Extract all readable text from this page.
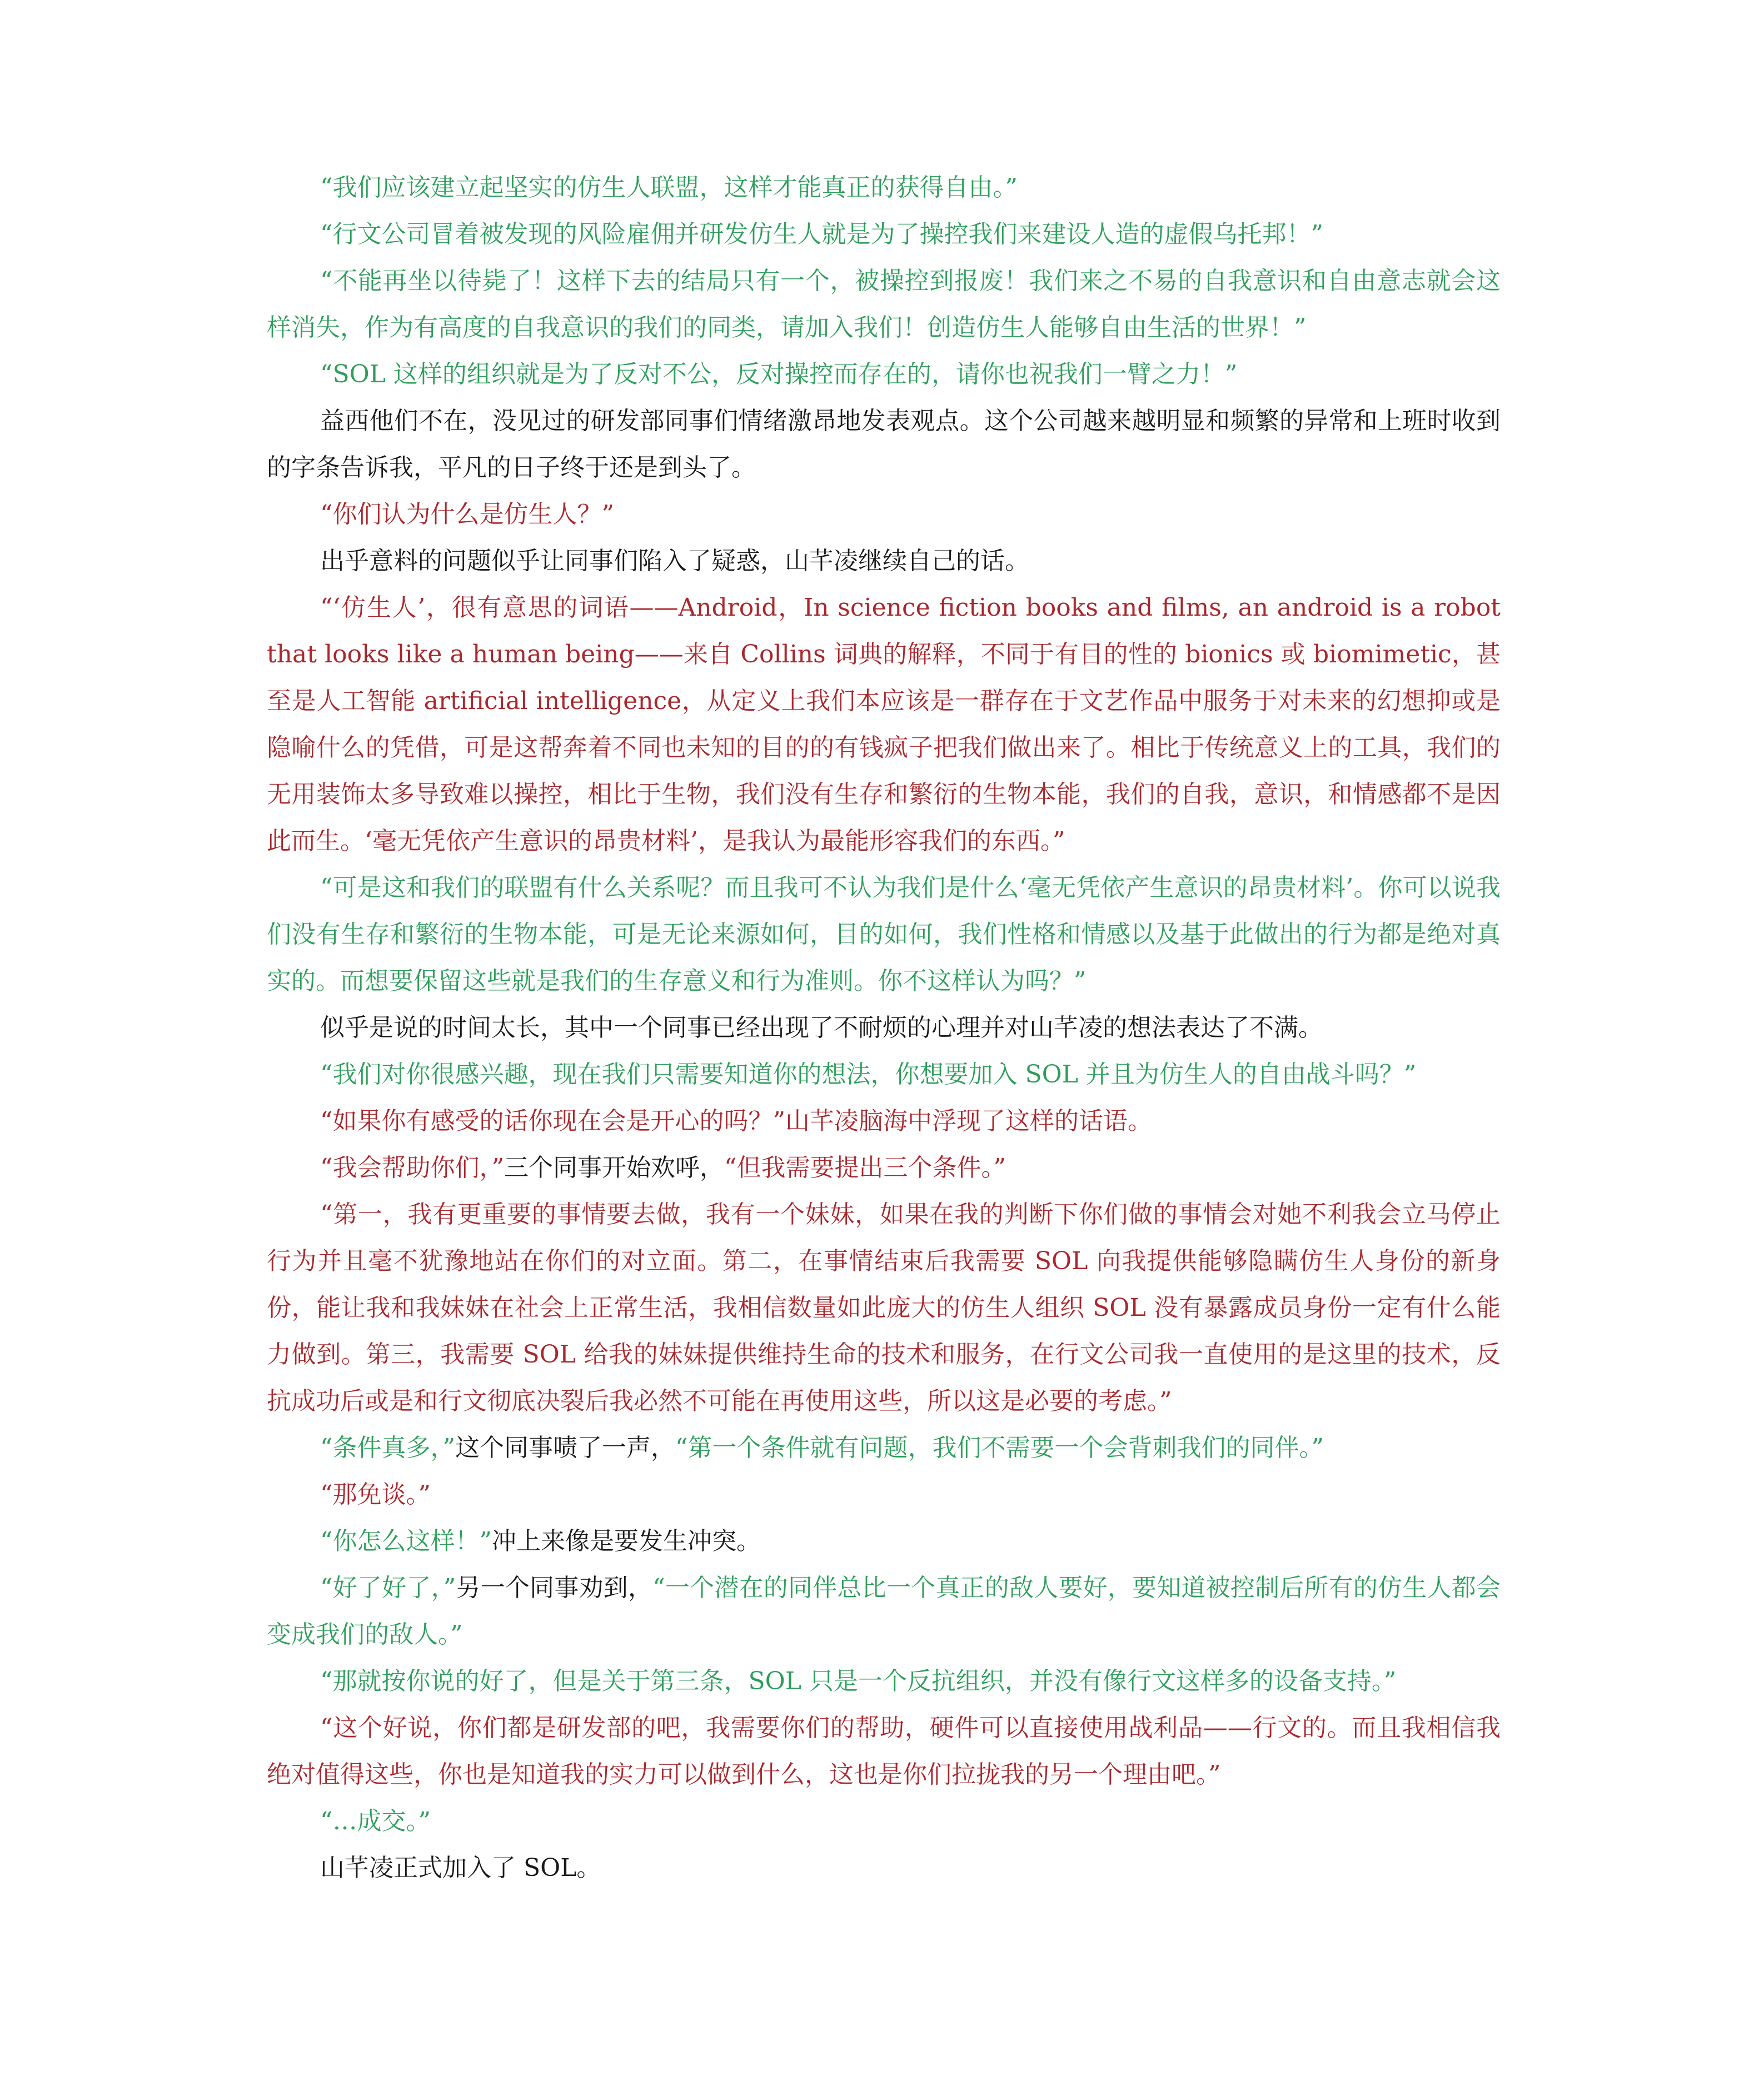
“我们应该建立起坚实的仿生人联盟，这样才能真正的获得自由。”

“行文公司冒着被发现的风险雇佣并研发仿生人就是为了操控我们来建设人造的虚假乌托邦！”

“不能再坐以待毙了！这样下去的结局只有一个，被操控到报废！我们来之不易的自我意识和自由意志就会这样消失，作为有高度的自我意识的我们的同类，请加入我们！创造仿生人能够自由生活的世界！”

“SOL 这样的组织就是为了反对不公，反对操控而存在的，请你也祝我们一臂之力！”

益西他们不在，没见过的研发部同事们情绪激昂地发表观点。这个公司越来越明显和频繁的异常和上班时收到的字条告诉我，平凡的日子终于还是到头了。

“你们认为什么是仿生人？”

出乎意料的问题似乎让同事们陷入了疑惑，山芊凌继续自己的话。

“‘仿生人’，很有意思的词语——Android，In science fiction books and films, an android is a robot that looks like a human being——来自 Collins 词典的解释，不同于有目的性的 bionics 或 biomimetic，甚至是人工智能 artificial intelligence，从定义上我们本应该是一群存在于文艺作品中服务于对未来的幻想抑或是隐喻什么的凭借，可是这帮奔着不同也未知的目的的有钱疯子把我们做出来了。相比于传统意义上的工具，我们的无用装饰太多导致难以操控，相比于生物，我们没有生存和繁衍的生物本能，我们的自我，意识，和情感都不是因此而生。‘毫无凭依产生意识的昂贵材料’，是我认为最能形容我们的东西。”

“可是这和我们的联盟有什么关系呢？而且我可不认为我们是什么‘毫无凭依产生意识的昂贵材料’。你可以说我们没有生存和繁衍的生物本能，可是无论来源如何，目的如何，我们性格和情感以及基于此做出的行为都是绝对真实的。而想要保留这些就是我们的生存意义和行为准则。你不这样认为吗？”

似乎是说的时间太长，其中一个同事已经出现了不耐烦的心理并对山芊凌的想法表达了不满。

“我们对你很感兴趣，现在我们只需要知道你的想法，你想要加入 SOL 并且为仿生人的自由战斗吗？”

“如果你有感受的话你现在会是开心的吗？”山芊凌脑海中浮现了这样的话语。

“我会帮助你们，”三个同事开始欢呼，“但我需要提出三个条件。”

“第一，我有更重要的事情要去做，我有一个妹妹，如果在我的判断下你们做的事情会对她不利我会立马停止行为并且毫不犹豫地站在你们的对立面。第二，在事情结束后我需要 SOL 向我提供能够隐瞒仿生人身份的新身份，能让我和我妹妹在社会上正常生活，我相信数量如此庞大的仿生人组织 SOL 没有暴露成员身份一定有什么能力做到。第三，我需要 SOL 给我的妹妹提供维持生命的技术和服务，在行文公司我一直使用的是这里的技术，反抗成功后或是和行文彻底决裂后我必然不可能在再使用这些，所以这是必要的考虑。”

“条件真多，”这个同事啧了一声，“第一个条件就有问题，我们不需要一个会背刺我们的同伴。”

“那免谈。”

“你怎么这样！”冲上来像是要发生冲突。

“好了好了，”另一个同事劝到，“一个潜在的同伴总比一个真正的敌人要好，要知道被控制后所有的仿生人都会变成我们的敌人。”

“那就按你说的好了，但是关于第三条，SOL 只是一个反抗组织，并没有像行文这样多的设备支持。”

“这个好说，你们都是研发部的吧，我需要你们的帮助，硬件可以直接使用战利品——行文的。而且我相信我绝对值得这些，你也是知道我的实力可以做到什么，这也是你们拉拢我的另一个理由吧。”

“…成交。”

山芊凌正式加入了 SOL。
